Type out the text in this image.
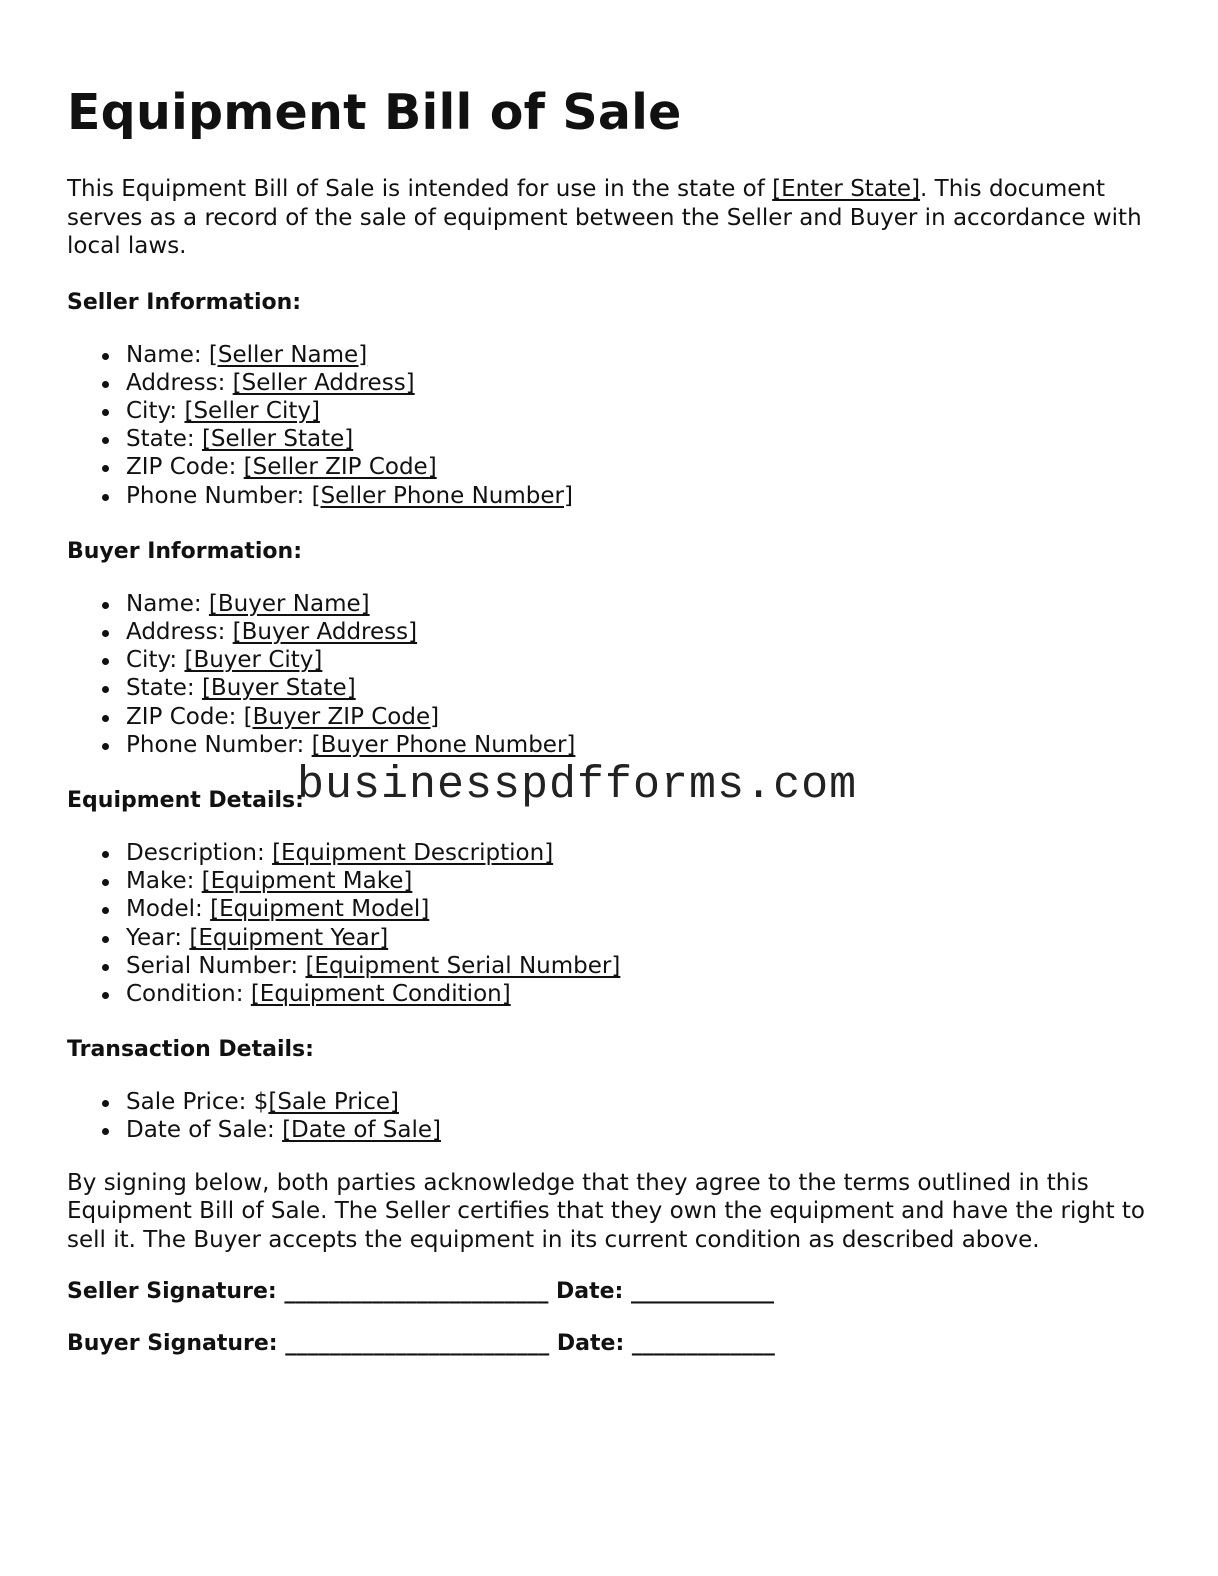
Equipment Bill of Sale

This Equipment Bill of Sale is intended for use in the state of [Enter State]. This document serves as a record of the sale of equipment between the Seller and Buyer in accordance with local laws.

Seller Information:
Name: [Seller Name]
Address: [Seller Address]
City: [Seller City]
State: [Seller State]
ZIP Code: [Seller ZIP Code]
Phone Number: [Seller Phone Number]
Buyer Information:
Name: [Buyer Name]
Address: [Buyer Address]
City: [Buyer City]
State: [Buyer State]
ZIP Code: [Buyer ZIP Code]
Phone Number: [Buyer Phone Number]
Equipment Details:
Description: [Equipment Description]
Make: [Equipment Make]
Model: [Equipment Model]
Year: [Equipment Year]
Serial Number: [Equipment Serial Number]
Condition: [Equipment Condition]
Transaction Details:
Sale Price: $[Sale Price]
Date of Sale: [Date of Sale]

By signing below, both parties acknowledge that they agree to the terms outlined in this Equipment Bill of Sale. The Seller certifies that they own the equipment and have the right to sell it. The Buyer accepts the equipment in its current condition as described above.

Seller Signature: ________________________ Date: _____________
Buyer Signature: ________________________ Date: _____________
businesspdfforms.com
